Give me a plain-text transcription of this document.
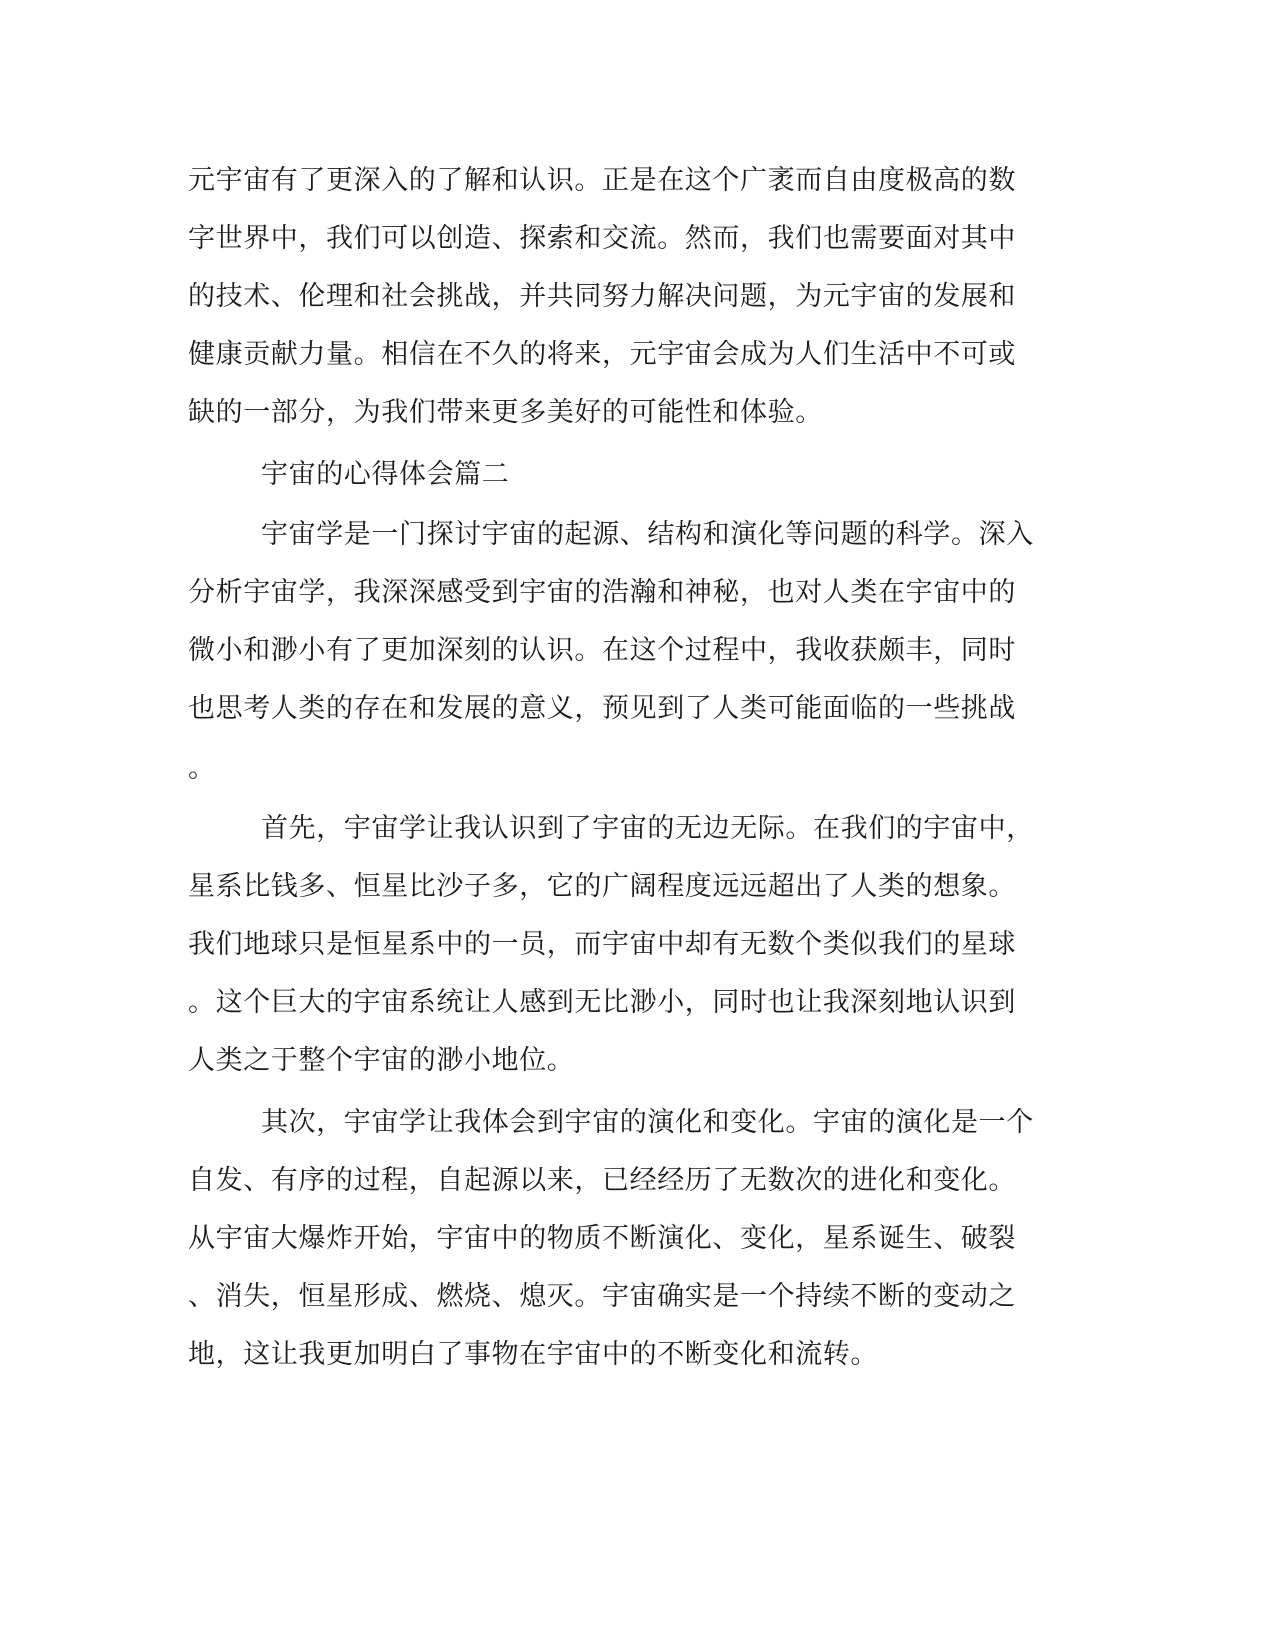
元宇宙有了更深入的了解和认识。正是在这个广袤而自由度极高的数

字世界中，我们可以创造、探索和交流。然而，我们也需要面对其中

的技术、伦理和社会挑战，并共同努力解决问题，为元宇宙的发展和

健康贡献力量。相信在不久的将来，元宇宙会成为人们生活中不可或

缺的一部分，为我们带来更多美好的可能性和体验。

宇宙的心得体会篇二

宇宙学是一门探讨宇宙的起源、结构和演化等问题的科学。深入

分析宇宙学，我深深感受到宇宙的浩瀚和神秘，也对人类在宇宙中的

微小和渺小有了更加深刻的认识。在这个过程中，我收获颇丰，同时

也思考人类的存在和发展的意义，预见到了人类可能面临的一些挑战

。

首先，宇宙学让我认识到了宇宙的无边无际。在我们的宇宙中，

星系比钱多、恒星比沙子多，它的广阔程度远远超出了人类的想象。

我们地球只是恒星系中的一员，而宇宙中却有无数个类似我们的星球

。这个巨大的宇宙系统让人感到无比渺小，同时也让我深刻地认识到

人类之于整个宇宙的渺小地位。

其次，宇宙学让我体会到宇宙的演化和变化。宇宙的演化是一个

自发、有序的过程，自起源以来，已经经历了无数次的进化和变化。

从宇宙大爆炸开始，宇宙中的物质不断演化、变化，星系诞生、破裂

、消失，恒星形成、燃烧、熄灭。宇宙确实是一个持续不断的变动之

地，这让我更加明白了事物在宇宙中的不断变化和流转。
